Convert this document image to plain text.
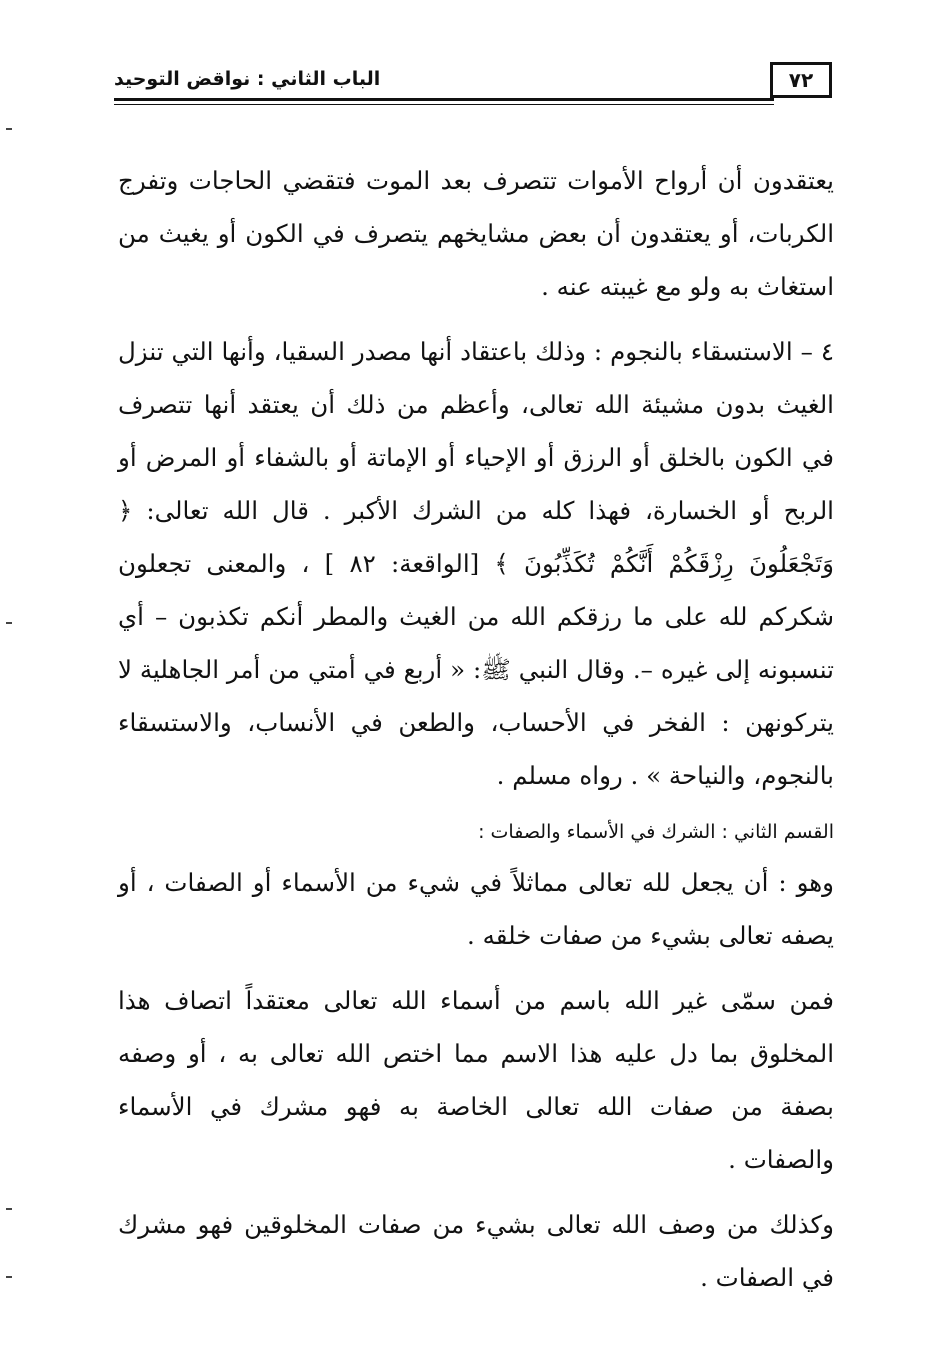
الباب الثاني : نواقض التوحيد	٧٢

يعتقدون أن أرواح الأموات تتصرف بعد الموت فتقضي الحاجات وتفرج الكربات، أو يعتقدون أن بعض مشايخهم يتصرف في الكون أو يغيث من استغاث به ولو مع غيبته عنه .

٤ – الاستسقاء بالنجوم : وذلك باعتقاد أنها مصدر السقيا، وأنها التي تنزل الغيث بدون مشيئة الله تعالى، وأعظم من ذلك أن يعتقد أنها تتصرف في الكون بالخلق أو الرزق أو الإحياء أو الإماتة أو بالشفاء أو المرض أو الربح أو الخسارة، فهذا كله من الشرك الأكبر . قال الله تعالى: ﴿ وَتَجْعَلُونَ رِزْقَكُمْ أَنَّكُمْ تُكَذِّبُونَ ﴾ [الواقعة: ٨٢ ] ، والمعنى تجعلون شكركم لله على ما رزقكم الله من الغيث والمطر أنكم تكذبون – أي تنسبونه إلى غيره –. وقال النبي ﷺ: « أربع في أمتي من أمر الجاهلية لا يتركونهن : الفخر في الأحساب، والطعن في الأنساب، والاستسقاء بالنجوم، والنياحة » . رواه مسلم .

القسم الثاني : الشرك في الأسماء والصفات :

وهو : أن يجعل لله تعالى مماثلاً في شيء من الأسماء أو الصفات ، أو يصفه تعالى بشيء من صفات خلقه .

فمن سمّى غير الله باسم من أسماء الله تعالى معتقداً اتصاف هذا المخلوق بما دل عليه هذا الاسم مما اختص الله تعالى به ، أو وصفه بصفة من صفات الله تعالى الخاصة به فهو مشرك في الأسماء والصفات .

وكذلك من وصف الله تعالى بشيء من صفات المخلوقين فهو مشرك في الصفات .
